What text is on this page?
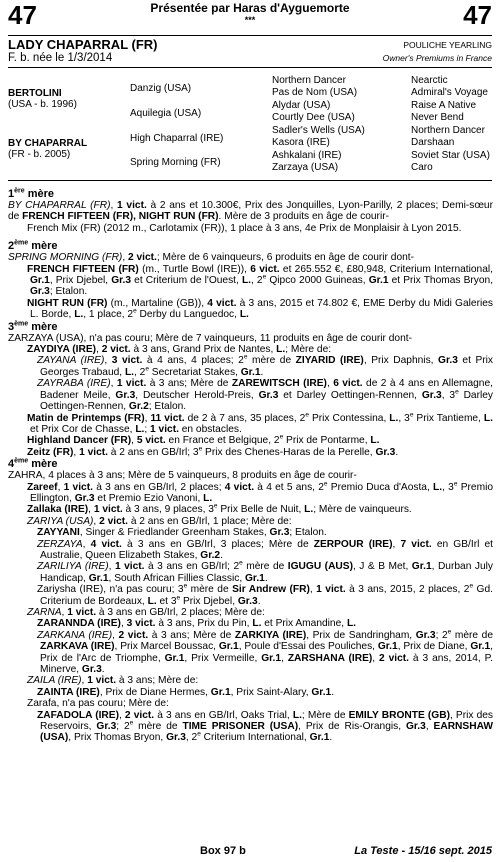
47	47
Présentée par Haras d'Ayguemorte
***
LADY CHAPARRAL (FR)
F. b. née le 1/3/2014
POULICHE YEARLING
Owner's Premiums in France
BERTOLINI
(USA - b. 1996)
BY CHAPARRAL
(FR - b. 2005)
Danzig (USA)
Aquilegia (USA)
High Chaparral (IRE)
Spring Morning (FR)
Northern Dancer
Pas de Nom (USA)
Alydar (USA)
Courtly Dee (USA)
Sadler's Wells (USA)
Kasora (IRE)
Ashkalani (IRE)
Zarzaya (USA)
Nearctic
Admiral's Voyage
Raise A Native
Never Bend
Northern Dancer
Darshaan
Soviet Star (USA)
Caro
1ère mère

BY CHAPARRAL (FR), 1 vict. à 2 ans et 10.300€, Prix des Jonquilles, Lyon-Parilly, 2 places; Demi-sœur de FRENCH FIFTEEN (FR), NIGHT RUN (FR). Mère de 3 produits en âge de courir-

French Mix (FR) (2012 m., Carlotamix (FR)), 1 place à 3 ans, 4e Prix de Monplaisir à Lyon 2015.

2ème mère

SPRING MORNING (FR), 2 vict.; Mère de 6 vainqueurs, 6 produits en âge de courir dont-

FRENCH FIFTEEN (FR) (m., Turtle Bowl (IRE)), 6 vict. et 265.552 €, £80,948, Criterium International, Gr.1, Prix Djebel, Gr.3 et Criterium de l'Ouest, L., 2e Qipco 2000 Guineas, Gr.1 et Prix Thomas Bryon, Gr.3; Etalon.

NIGHT RUN (FR) (m., Martaline (GB)), 4 vict. à 3 ans, 2015 et 74.802 €, EME Derby du Midi Galeries L. Borde, L., 1 place, 2e Derby du Languedoc, L.

3ème mère

ZARZAYA (USA), n'a pas couru; Mère de 7 vainqueurs, 11 produits en âge de courir dont-

ZAYDIYA (IRE), 2 vict. à 3 ans, Grand Prix de Nantes, L.; Mère de:

ZAYANA (IRE), 3 vict. à 4 ans, 4 places; 2e mère de ZIYARID (IRE), Prix Daphnis, Gr.3 et Prix Georges Trabaud, L., 2e Secretariat Stakes, Gr.1.

ZAYRABA (IRE), 1 vict. à 3 ans; Mère de ZAREWITSCH (IRE), 6 vict. de 2 à 4 ans en Allemagne, Badener Meile, Gr.3, Deutscher Herold-Preis, Gr.3 et Darley Oettingen-Rennen, Gr.3, 3e Darley Oettingen-Rennen, Gr.2; Etalon.

Matin de Printemps (FR), 11 vict. de 2 à 7 ans, 35 places, 2e Prix Contessina, L., 3e Prix Tantieme, L. et Prix Cor de Chasse, L.; 1 vict. en obstacles.

Highland Dancer (FR), 5 vict. en France et Belgique, 2e Prix de Pontarme, L.

Zeitz (FR), 1 vict. à 2 ans en GB/Irl; 3e Prix des Chenes-Haras de la Perelle, Gr.3.

4ème mère

ZAHRA, 4 places à 3 ans; Mère de 5 vainqueurs, 8 produits en âge de courir-

Zareef, 1 vict. à 3 ans en GB/Irl, 2 places; 4 vict. à 4 et 5 ans, 2e Premio Duca d'Aosta, L., 3e Premio Ellington, Gr.3 et Premio Ezio Vanoni, L.

Zallaka (IRE), 1 vict. à 3 ans, 9 places, 3e Prix Belle de Nuit, L.; Mère de vainqueurs.

ZARIYA (USA), 2 vict. à 2 ans en GB/Irl, 1 place; Mère de:

ZAYYANI, Singer & Friedlander Greenham Stakes, Gr.3; Etalon.

ZERZAYA, 4 vict. à 3 ans en GB/Irl, 3 places; Mère de ZERPOUR (IRE), 7 vict. en GB/Irl et Australie, Queen Elizabeth Stakes, Gr.2.

ZARILIYA (IRE), 1 vict. à 3 ans en GB/Irl; 2e mère de IGUGU (AUS), J & B Met, Gr.1, Durban July Handicap, Gr.1, South African Fillies Classic, Gr.1.

Zariysha (IRE), n'a pas couru; 3e mère de Sir Andrew (FR), 1 vict. à 3 ans, 2015, 2 places, 2e Gd. Criterium de Bordeaux, L. et 3e Prix Djebel, Gr.3.

ZARNA, 1 vict. à 3 ans en GB/Irl, 2 places; Mère de:

ZARANNDA (IRE), 3 vict. à 3 ans, Prix du Pin, L. et Prix Amandine, L.

ZARKANA (IRE), 2 vict. à 3 ans; Mère de ZARKIYA (IRE), Prix de Sandringham, Gr.3; 2e mère de ZARKAVA (IRE), Prix Marcel Boussac, Gr.1, Poule d'Essai des Pouliches, Gr.1, Prix de Diane, Gr.1, Prix de l'Arc de Triomphe, Gr.1, Prix Vermeille, Gr.1, ZARSHANA (IRE), 2 vict. à 3 ans, 2014, P. Minerve, Gr.3.

ZAILA (IRE), 1 vict. à 3 ans; Mère de:

ZAINTA (IRE), Prix de Diane Hermes, Gr.1, Prix Saint-Alary, Gr.1.

Zarafa, n'a pas couru; Mère de:

ZAFADOLA (IRE), 2 vict. à 3 ans en GB/Irl, Oaks Trial, L.; Mère de EMILY BRONTE (GB), Prix des Reservoirs, Gr.3; 2e mère de TIME PRISONER (USA), Prix de Ris-Orangis, Gr.3, EARNSHAW (USA), Prix Thomas Bryon, Gr.3, 2e Criterium International, Gr.1.

Box 97 b	La Teste - 15/16 sept. 2015
